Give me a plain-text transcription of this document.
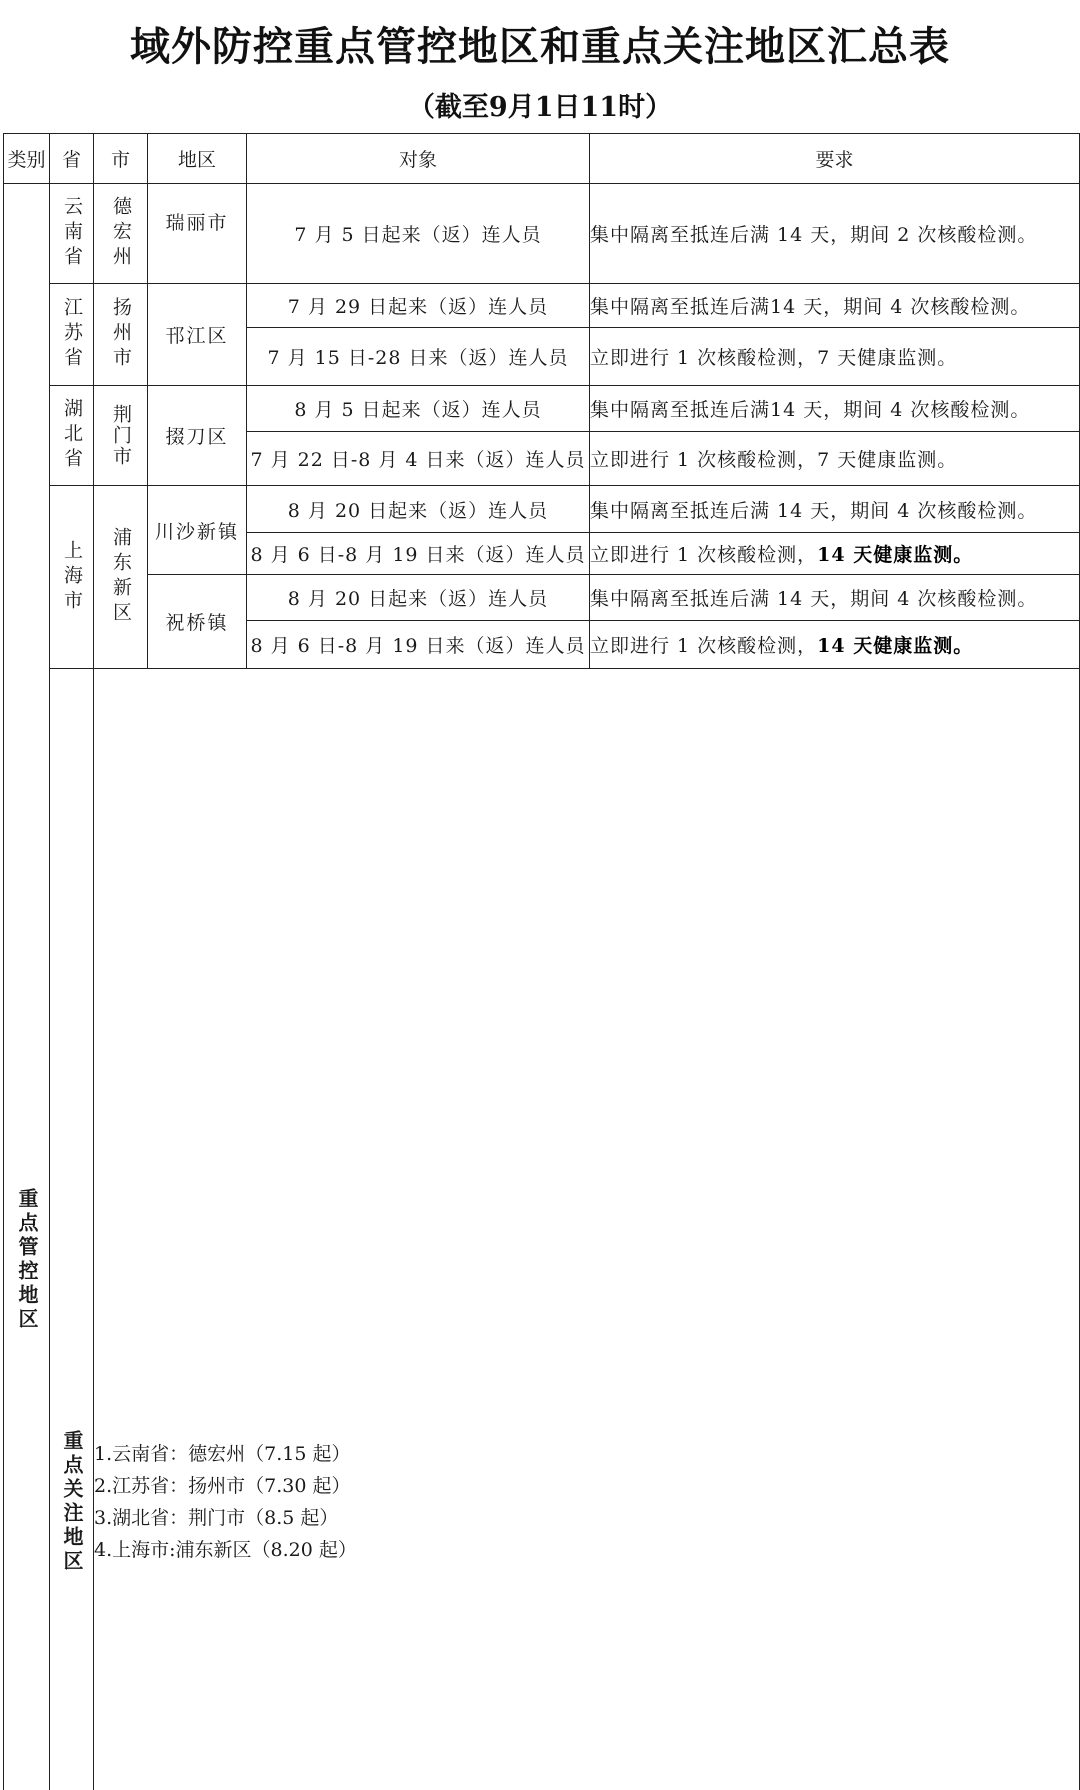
域外防控重点管控地区和重点关注地区汇总表
（截至9月1日11时）
类别	省	市	地区	对象	要求	
重点管控地区	云南省	德宏州	瑞丽市	7 月 5 日起来（返）连人员	集中隔离至抵连后满 14 天，期间 2 次核酸检测。	
	江苏省	扬州市	邗江区	7 月 29 日起来（返）连人员	集中隔离至抵连后满14 天，期间 4 次核酸检测。	
				7 月 15 日-28 日来（返）连人员	立即进行 1 次核酸检测，7 天健康监测。	
	湖北省	荆门市	掇刀区	8 月 5 日起来（返）连人员	集中隔离至抵连后满14 天，期间 4 次核酸检测。	
				7 月 22 日-8 月 4 日来（返）连人员	立即进行 1 次核酸检测，7 天健康监测。	
	上海市	浦东新区	川沙新镇	8 月 20 日起来（返）连人员	集中隔离至抵连后满 14 天，期间 4 次核酸检测。	
				8 月 6 日-8 月 19 日来（返）连人员	立即进行 1 次核酸检测，14 天健康监测。	
			祝桥镇	8 月 20 日起来（返）连人员	集中隔离至抵连后满 14 天，期间 4 次核酸检测。	
				8 月 6 日-8 月 19 日来（返）连人员	立即进行 1 次核酸检测，14 天健康监测。	
	重点关注地区	1.云南省：德宏州（7.15 起）
2.江苏省：扬州市（7.30 起）
3.湖北省：荆门市（8.5 起）
4.上海市:浦东新区（8.20 起）
